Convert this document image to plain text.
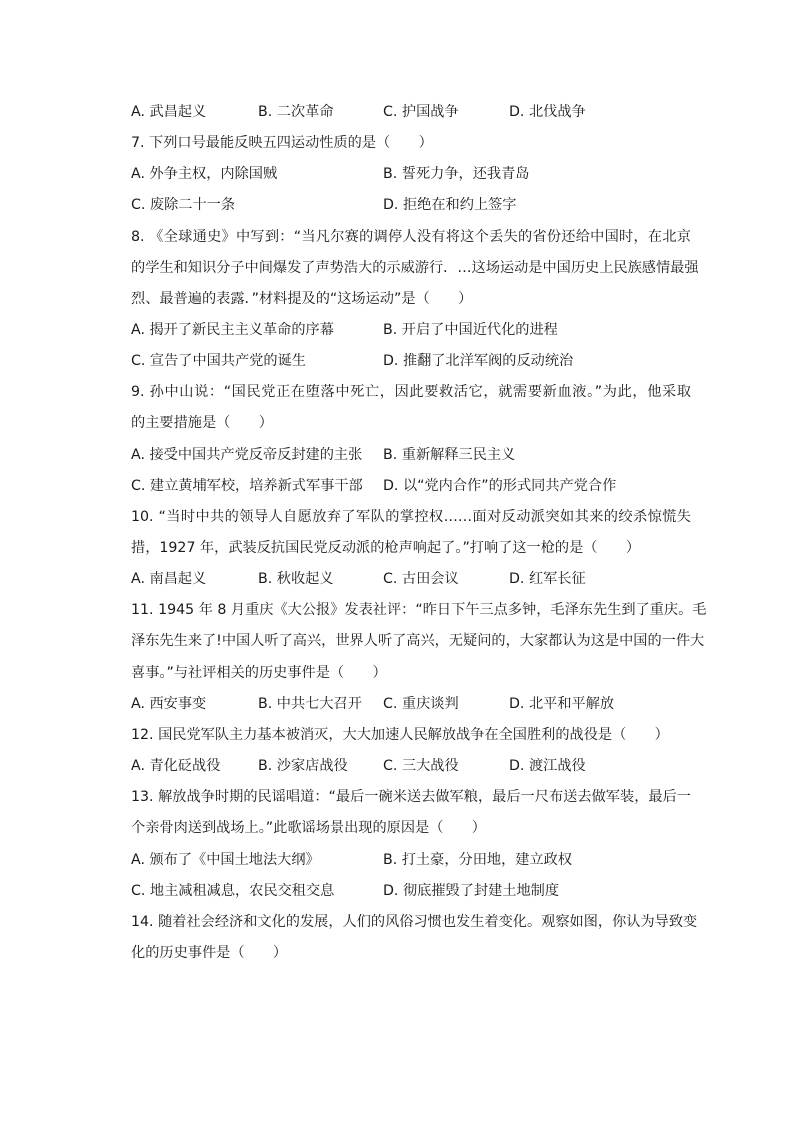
A. 武昌起义	B. 二次革命	C. 护国战争	D. 北伐战争
7. 下列口号最能反映五四运动性质的是（　　）
A. 外争主权，内除国贼	B. 誓死力争，还我青岛
C. 废除二十一条	D. 拒绝在和约上签字
8. 《全球通史》中写到：“当凡尔赛的调停人没有将这个丢失的省份还给中国时，在北京
的学生和知识分子中间爆发了声势浩大的示威游行．…这场运动是中国历史上民族感情最强
烈、最普遍的表露．”材料提及的“这场运动”是（　　）
A. 揭开了新民主主义革命的序幕	B. 开启了中国近代化的进程
C. 宣告了中国共产党的诞生	D. 推翻了北洋军阀的反动统治
9. 孙中山说：“国民党正在堕落中死亡，因此要救活它，就需要新血液。”为此，他采取
的主要措施是（　　）
A. 接受中国共产党反帝反封建的主张 B. 重新解释三民主义
C. 建立黄埔军校，培养新式军事干部 D. 以“党内合作”的形式同共产党合作
10. “当时中共的领导人自愿放弃了军队的掌控权……面对反动派突如其来的绞杀惊慌失
措，1927 年，武装反抗国民党反动派的枪声响起了。”打响了这一枪的是（　　）
A. 南昌起义	B. 秋收起义	C. 古田会议	D. 红军长征
11. 1945 年 8 月重庆《大公报》发表社评：“昨日下午三点多钟，毛泽东先生到了重庆。毛
泽东先生来了!中国人听了高兴，世界人听了高兴，无疑问的，大家都认为这是中国的一件大
喜事。”与社评相关的历史事件是（　　）
A. 西安事变	B. 中共七大召开 C. 重庆谈判	D. 北平和平解放
12. 国民党军队主力基本被消灭，大大加速人民解放战争在全国胜利的战役是（　　）
A. 青化砭战役	B. 沙家店战役 C. 三大战役	D. 渡江战役
13. 解放战争时期的民谣唱道：“最后一碗米送去做军粮，最后一尺布送去做军装，最后一
个亲骨肉送到战场上。”此歌谣场景出现的原因是（　　）
A. 颁布了《中国土地法大纲》	B. 打土豪，分田地，建立政权
C. 地主减租减息，农民交租交息	D. 彻底摧毁了封建土地制度
14. 随着社会经济和文化的发展，人们的风俗习惯也发生着变化。观察如图，你认为导致变
化的历史事件是（　　）
